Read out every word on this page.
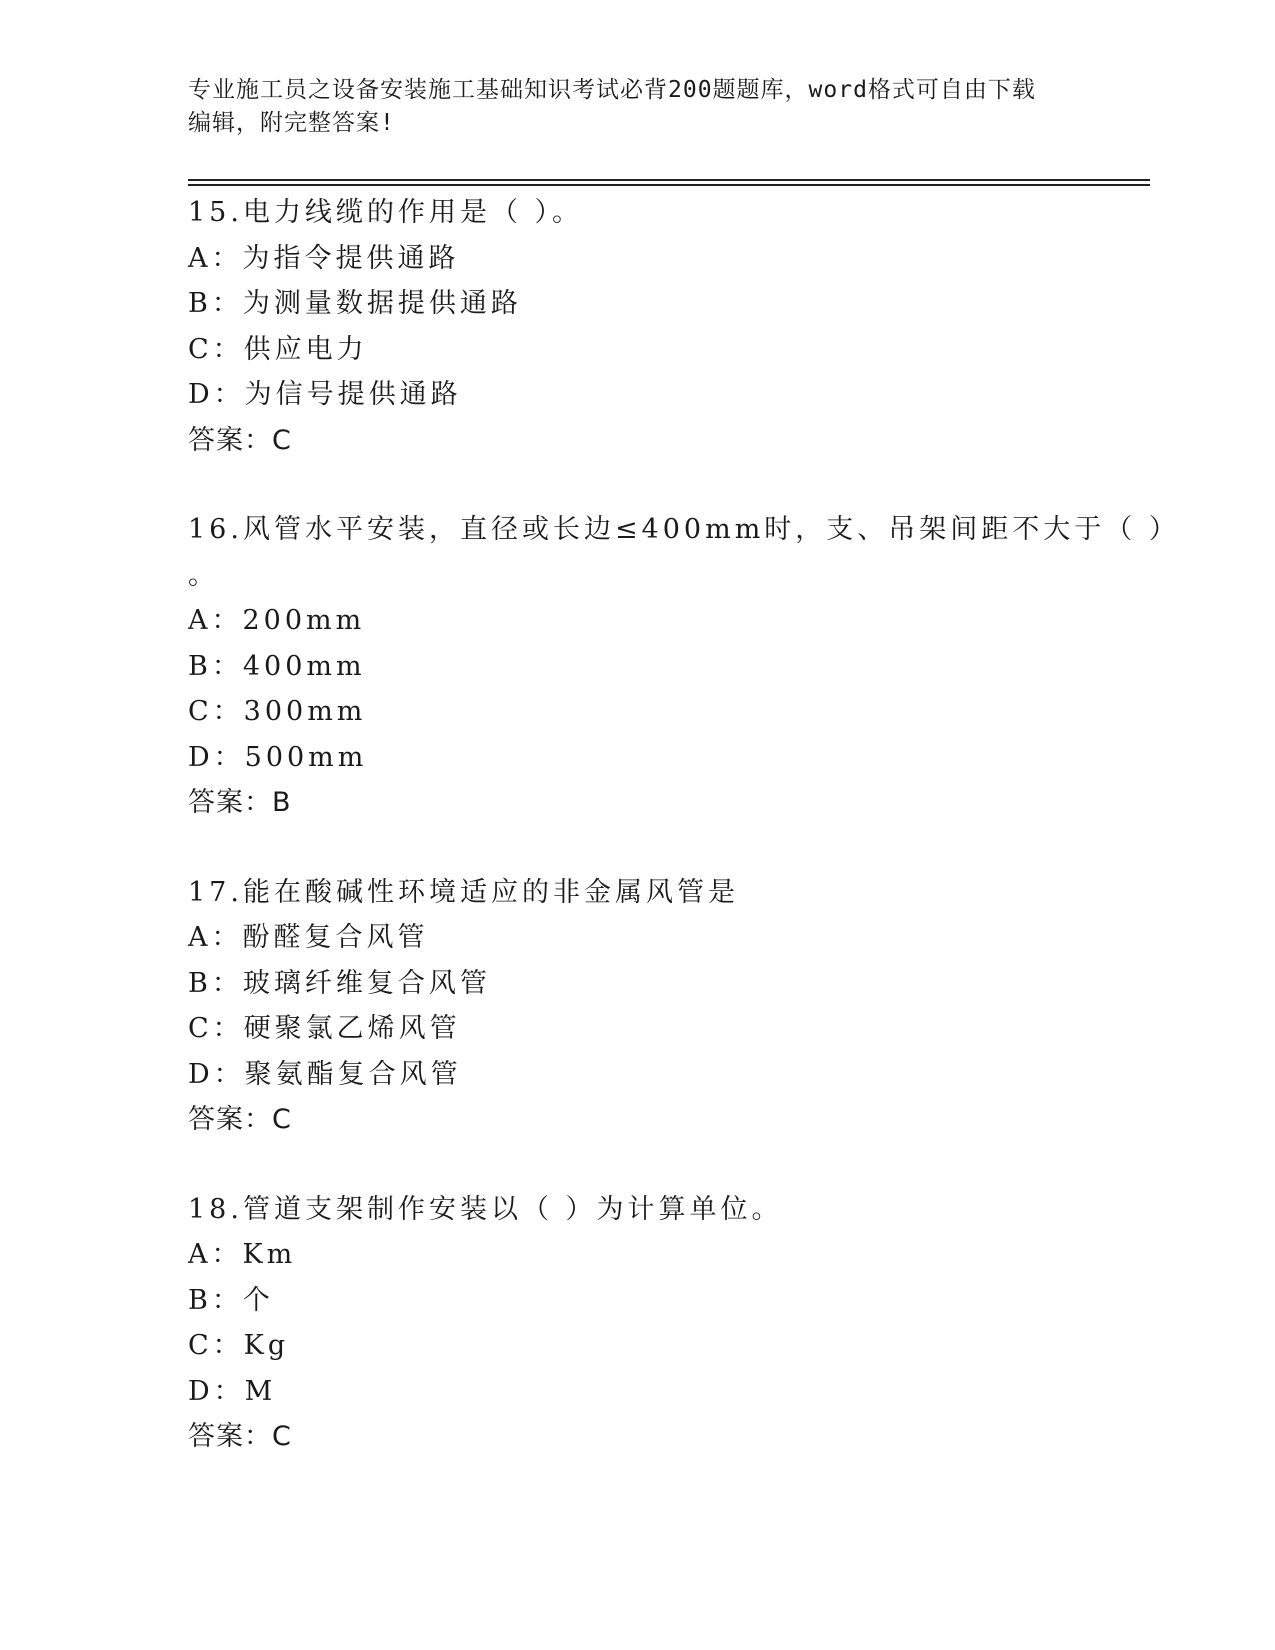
专业施工员之设备安装施工基础知识考试必背200题题库，word格式可自由下载

编辑，附完整答案!

15.电力线缆的作用是（ ）。
A：为指令提供通路
B：为测量数据提供通路
C：供应电力
D：为信号提供通路
答案：C
16.风管水平安装，直径或长边≤400mm时，支、吊架间距不大于（ ）
。
A：200mm
B：400mm
C：300mm
D：500mm
答案：B
17.能在酸碱性环境适应的非金属风管是
A：酚醛复合风管
B：玻璃纤维复合风管
C：硬聚氯乙烯风管
D：聚氨酯复合风管
答案：C
18.管道支架制作安装以（ ）为计算单位。
A：Km
B：个
C：Kg
D：M
答案：C
